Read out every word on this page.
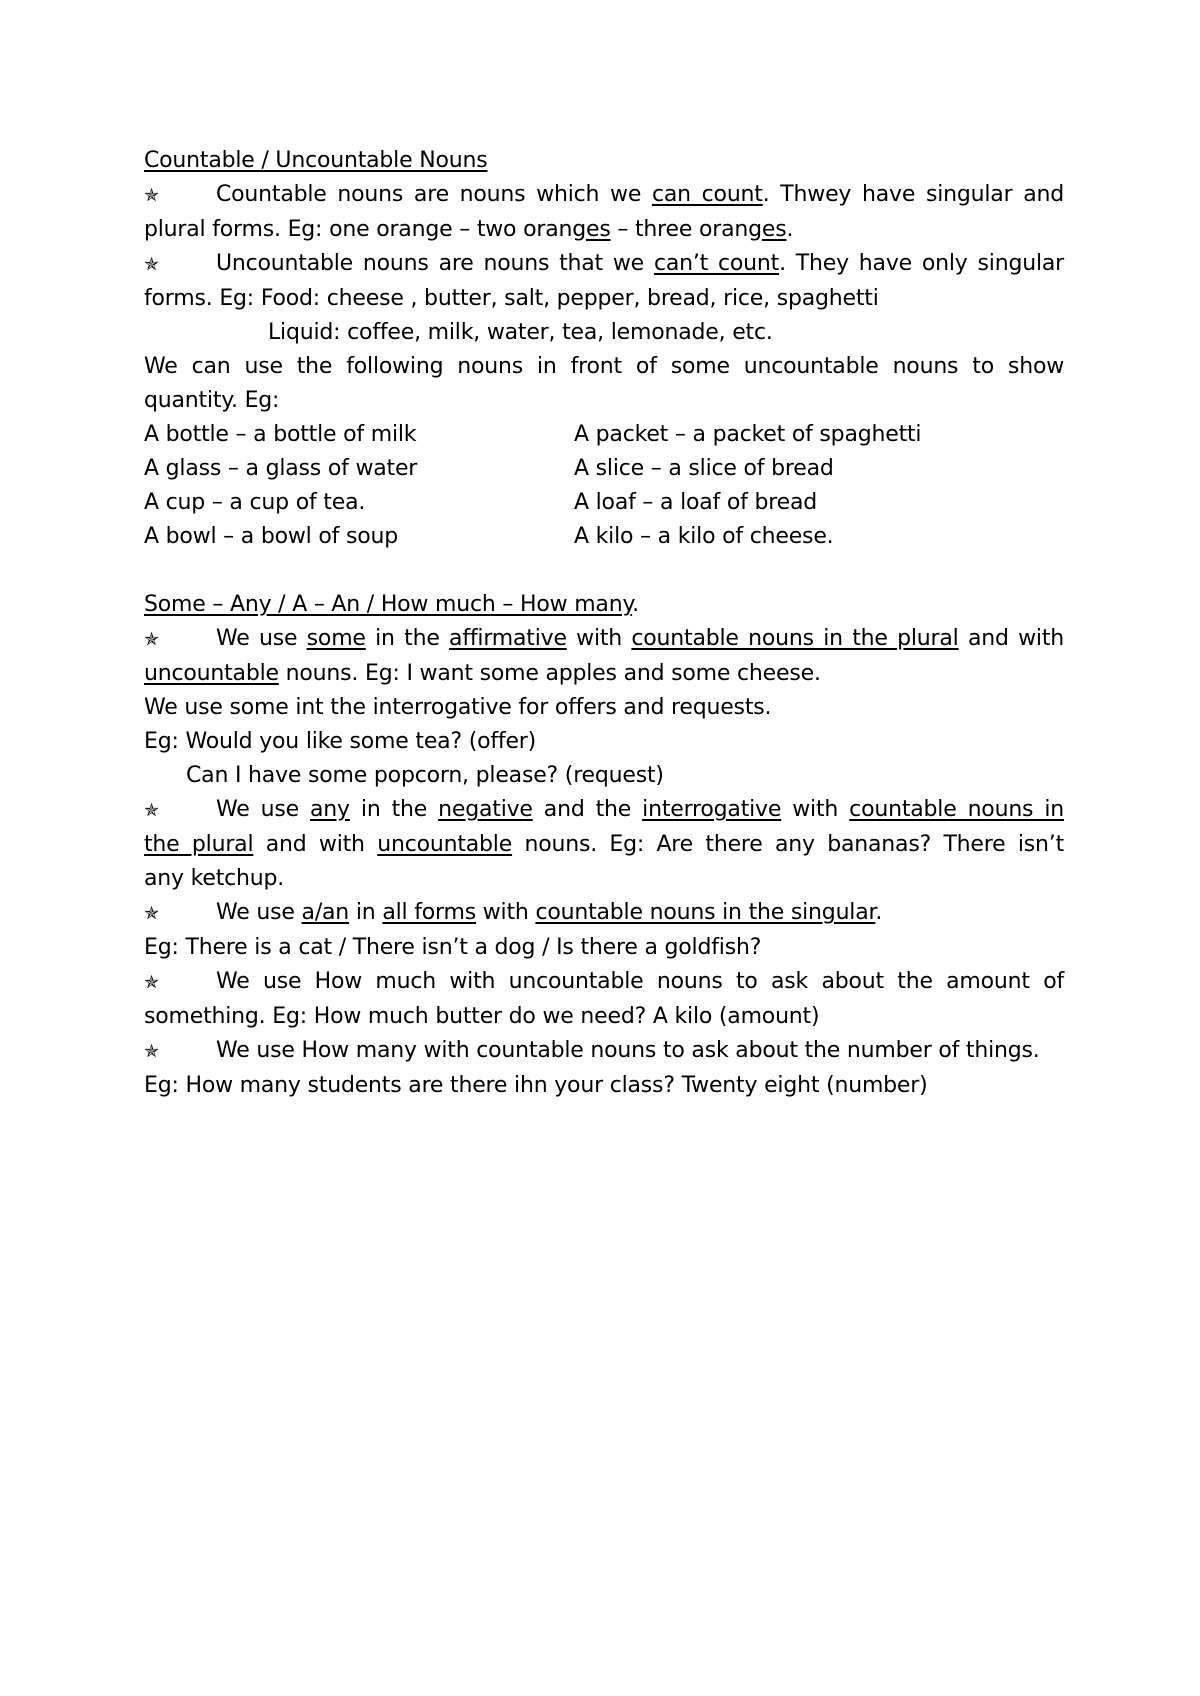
Countable / Uncountable Nouns
✯	Countable nouns are nouns which we can count. Thwey have singular and
plural forms. Eg: one orange – two oranges – three oranges.
✯	Uncountable nouns are nouns that we can’t count. They have only singular
forms. Eg: Food: cheese , butter, salt, pepper, bread, rice, spaghetti
Liquid: coffee, milk, water, tea, lemonade, etc.
We can use the following nouns in front of some uncountable nouns to show
quantity. Eg:
A bottle – a bottle of milk	A packet – a packet of spaghetti
A glass – a glass of water	A slice – a slice of bread
A cup – a cup of tea.	A loaf – a loaf of bread
A bowl – a bowl of soup	A kilo – a kilo of cheese.
Some – Any / A – An / How much – How many.
✯	We use some in the affirmative with countable nouns in the plural and with
uncountable nouns. Eg: I want some apples and some cheese.
We use some int the interrogative for offers and requests.
Eg: Would you like some tea? (offer)
Can I have some popcorn, please? (request)
✯	We use any in the negative and the interrogative with countable nouns in
the plural and with uncountable nouns. Eg: Are there any bananas? There isn’t
any ketchup.
✯	We use a/an in all forms with countable nouns in the singular.
Eg: There is a cat / There isn’t a dog / Is there a goldfish?
✯	We use How much with uncountable nouns to ask about the amount of
something. Eg: How much butter do we need? A kilo (amount)
✯	We use How many with countable nouns to ask about the number of things.
Eg: How many students are there ihn your class? Twenty eight (number)
